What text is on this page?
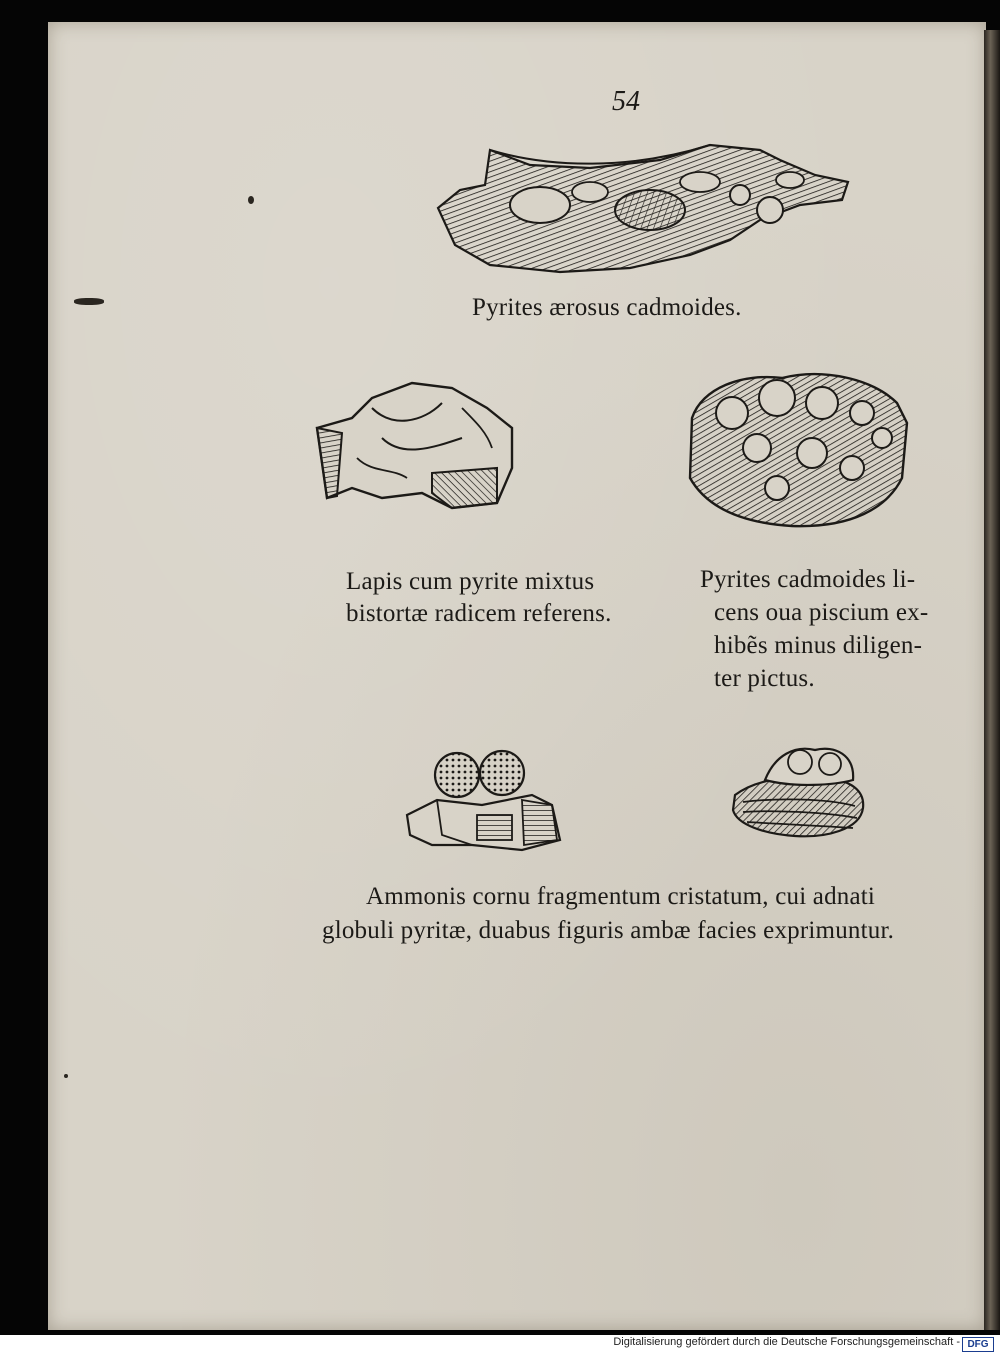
54
Pyrites ærosus cadmoides.
Lapis cum pyrite mixtus
bistortæ radicem referens.
Pyrites cadmoides li-
cens oua piscium ex-
hibẽs minus diligen-
ter pictus.
Ammonis cornu fragmentum cristatum, cui adnati
globuli pyritæ, duabus figuris ambæ facies exprimuntur.
Digitalisierung gefördert durch die Deutsche Forschungsgemeinschaft - DFG
